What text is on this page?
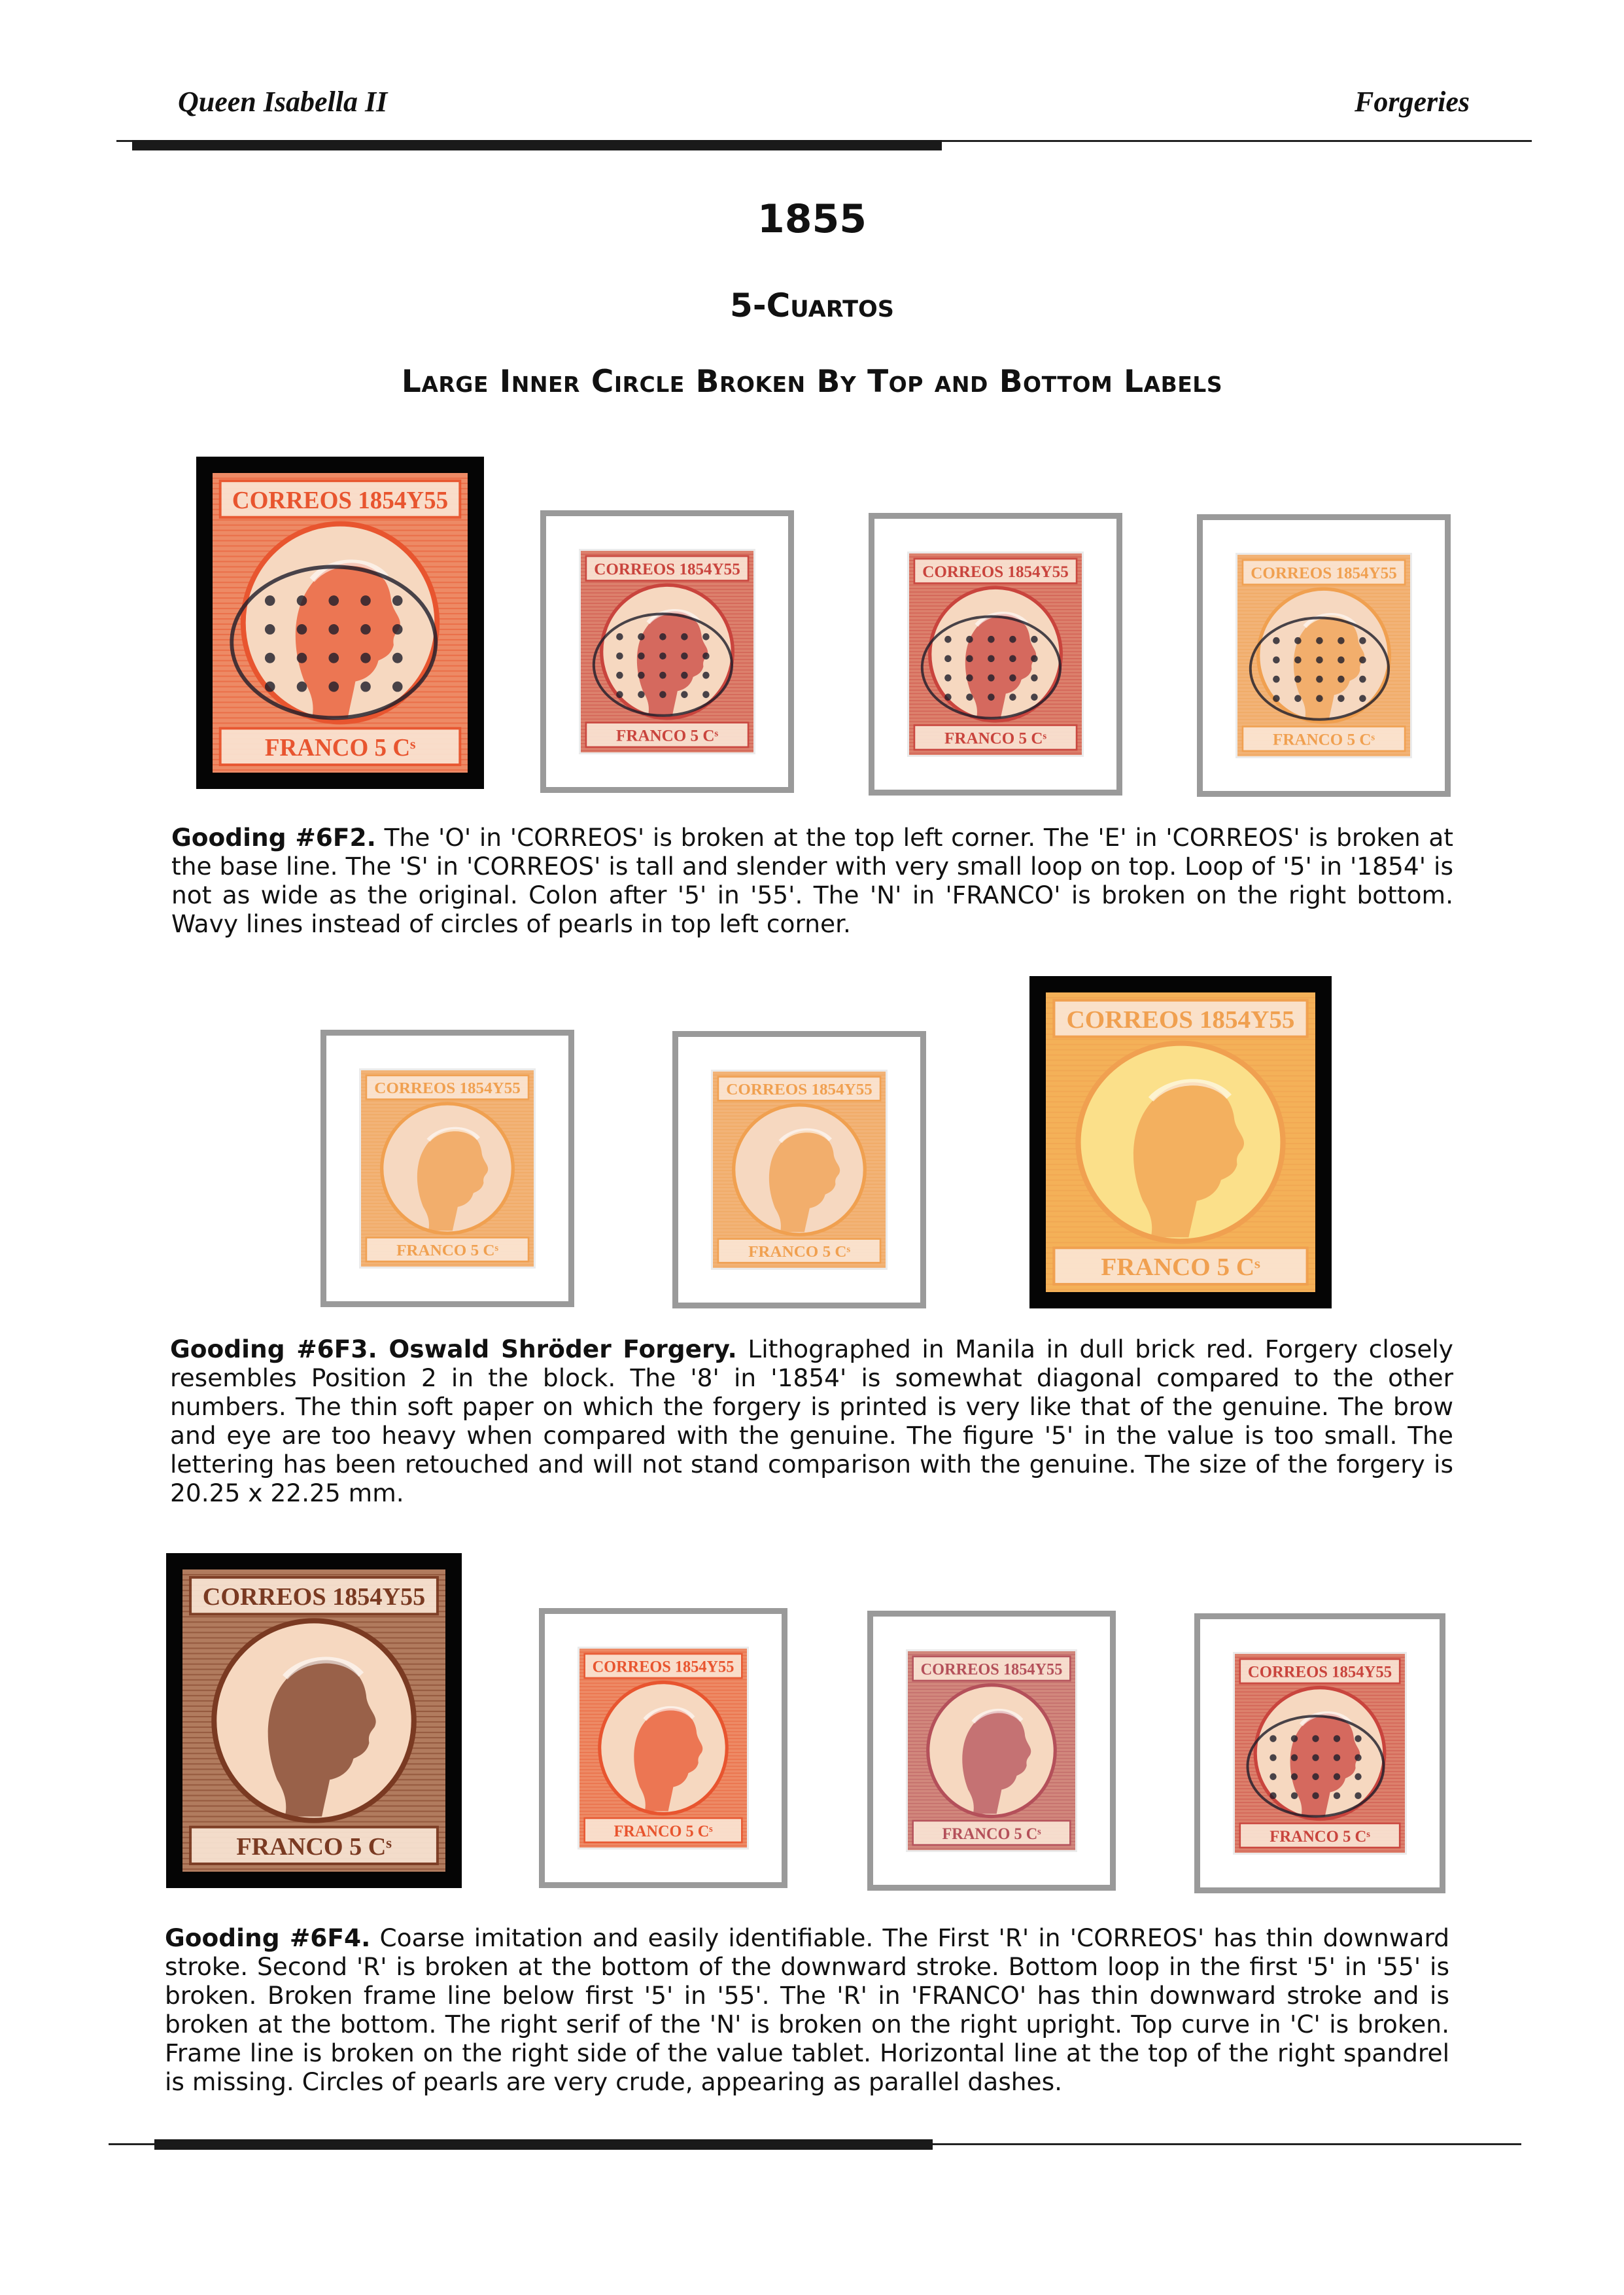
Queen Isabella II	Forgeries
1855
5-Cuartos
Large Inner Circle Broken By Top and Bottom Labels
CORREOS 1854Y55
FRANCO 5 Cˢ
CORREOS 1854Y55
FRANCO 5 Cˢ
CORREOS 1854Y55
FRANCO 5 Cˢ
CORREOS 1854Y55
FRANCO 5 Cˢ
Gooding #6F2. The 'O' in 'CORREOS' is broken at the top left corner. The 'E' in 'CORREOS' is broken at the base line. The 'S' in 'CORREOS' is tall and slender with very small loop on top. Loop of '5' in '1854' is not as wide as the original. Colon after '5' in '55'. The 'N' in 'FRANCO' is broken on the right bottom. Wavy lines instead of circles of pearls in top left corner.
CORREOS 1854Y55
FRANCO 5 Cˢ
CORREOS 1854Y55
FRANCO 5 Cˢ
CORREOS 1854Y55
FRANCO 5 Cˢ
Gooding #6F3. Oswald Shröder Forgery. Lithographed in Manila in dull brick red. Forgery closely resembles Position 2 in the block. The '8' in '1854' is somewhat diagonal compared to the other numbers. The thin soft paper on which the forgery is printed is very like that of the genuine. The brow and eye are too heavy when compared with the genuine. The figure '5' in the value is too small. The lettering has been retouched and will not stand comparison with the genuine. The size of the forgery is 20.25 x 22.25 mm.
CORREOS 1854Y55
FRANCO 5 Cˢ
CORREOS 1854Y55
FRANCO 5 Cˢ
CORREOS 1854Y55
FRANCO 5 Cˢ
CORREOS 1854Y55
FRANCO 5 Cˢ
Gooding #6F4. Coarse imitation and easily identifiable. The First 'R' in 'CORREOS' has thin downward stroke. Second 'R' is broken at the bottom of the downward stroke. Bottom loop in the first '5' in '55' is broken. Broken frame line below first '5' in '55'. The 'R' in 'FRANCO' has thin downward stroke and is broken at the bottom. The right serif of the 'N' is broken on the right upright. Top curve in 'C' is broken. Frame line is broken on the right side of the value tablet. Horizontal line at the top of the right spandrel is missing. Circles of pearls are very crude, appearing as parallel dashes.
